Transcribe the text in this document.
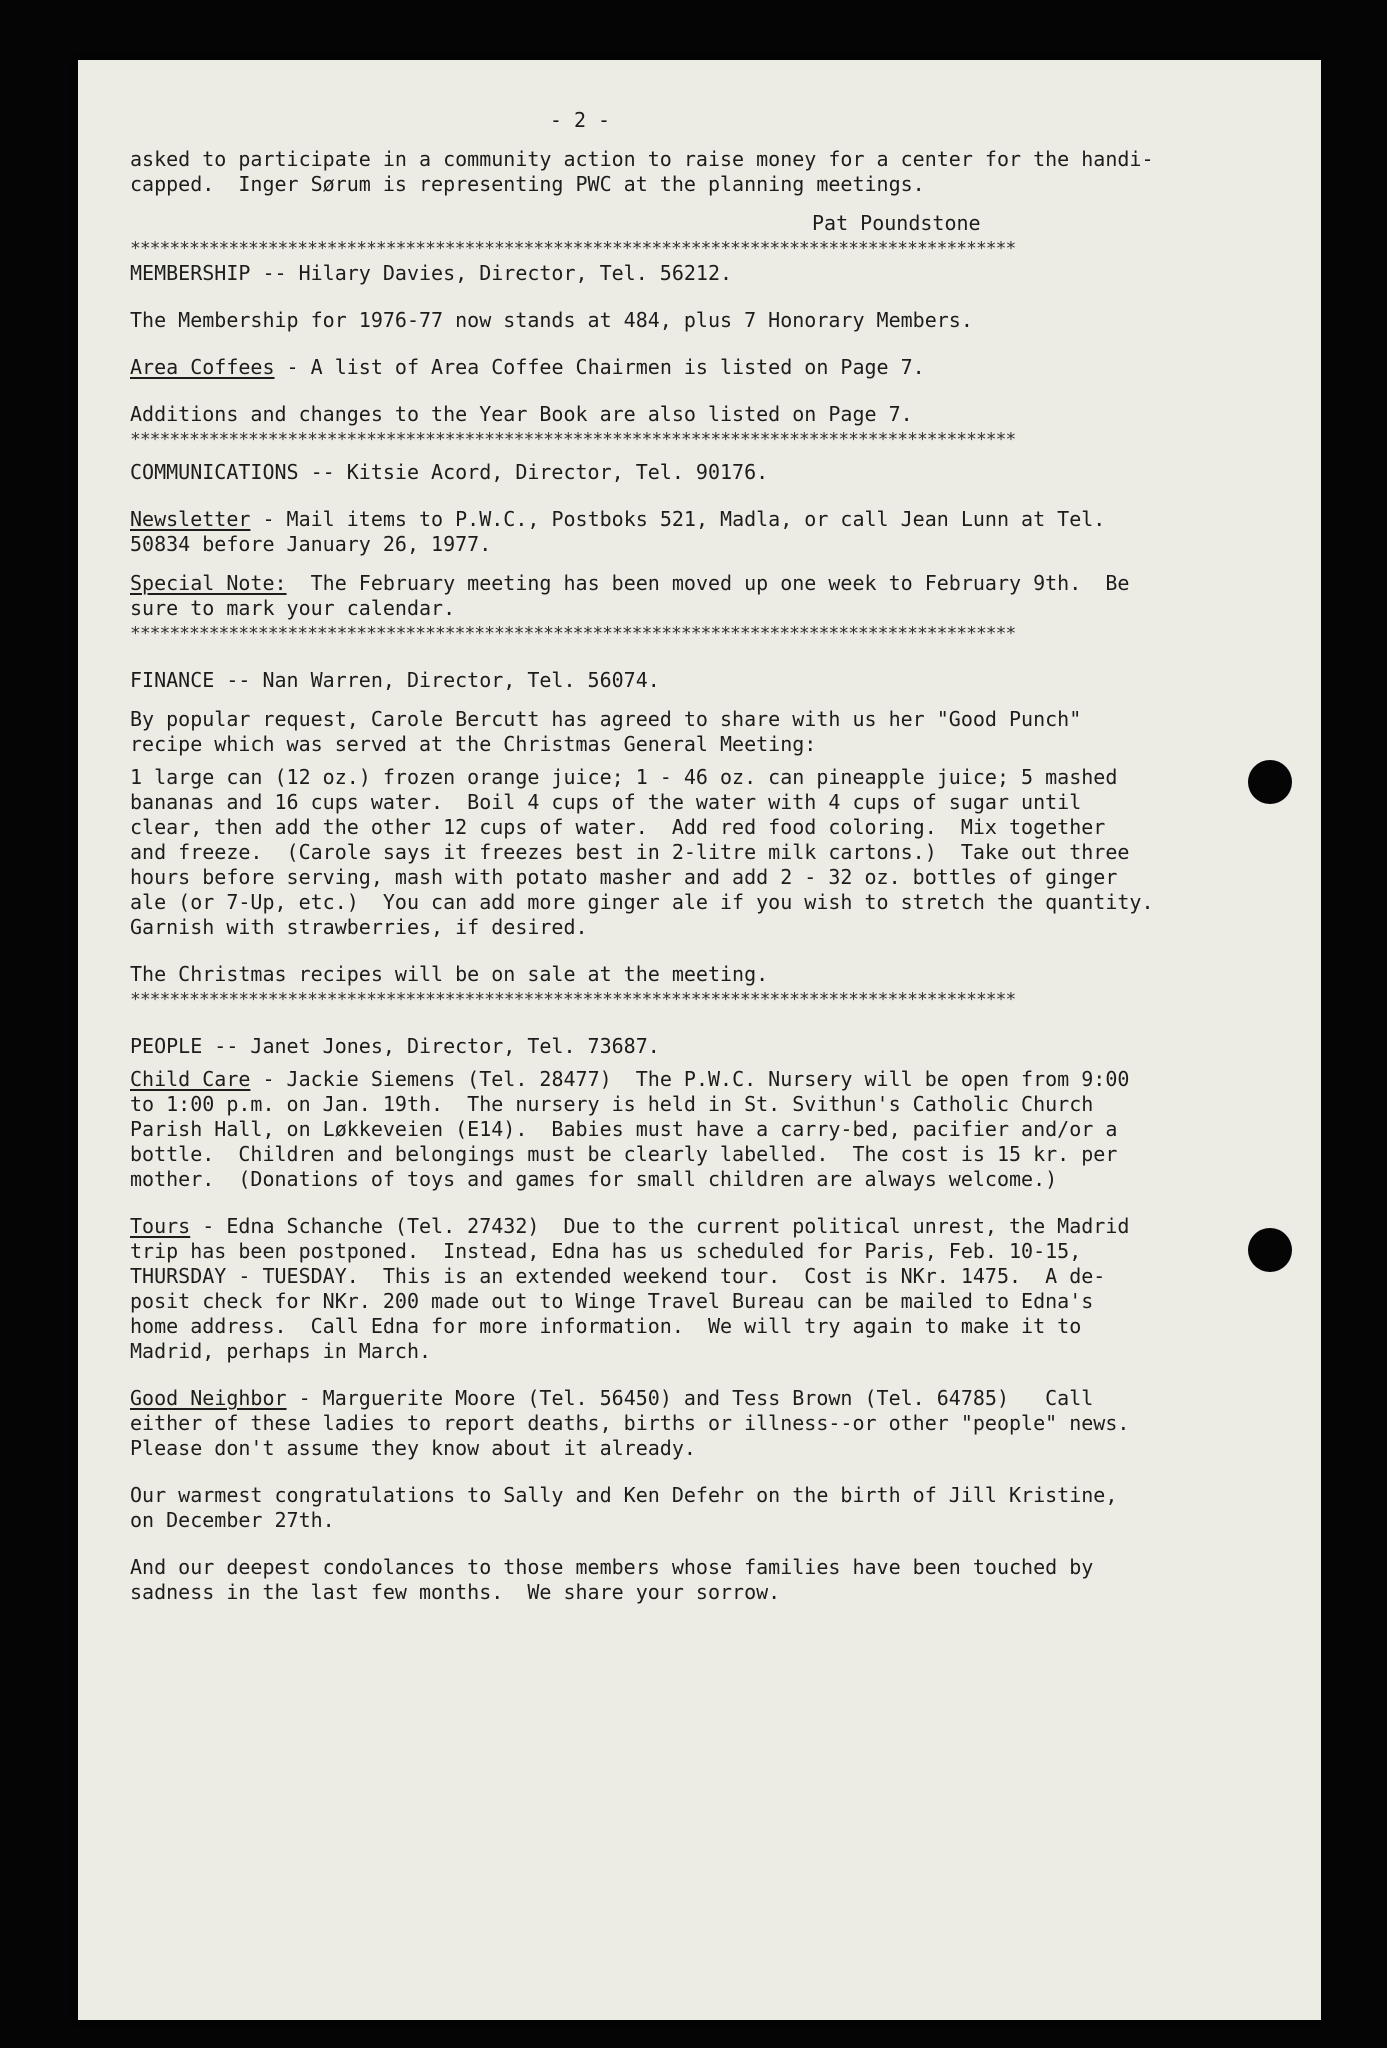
- 2 -
asked to participate in a community action to raise money for a center for the handi-
capped.  Inger Sørum is representing PWC at the planning meetings.
Pat Poundstone
******************************************************************************************
MEMBERSHIP -- Hilary Davies, Director, Tel. 56212.
The Membership for 1976-77 now stands at 484, plus 7 Honorary Members.
Area Coffees - A list of Area Coffee Chairmen is listed on Page 7.
Additions and changes to the Year Book are also listed on Page 7.
******************************************************************************************
COMMUNICATIONS -- Kitsie Acord, Director, Tel. 90176.
Newsletter - Mail items to P.W.C., Postboks 521, Madla, or call Jean Lunn at Tel.
50834 before January 26, 1977.
Special Note:  The February meeting has been moved up one week to February 9th.  Be
sure to mark your calendar.
******************************************************************************************
FINANCE -- Nan Warren, Director, Tel. 56074.
By popular request, Carole Bercutt has agreed to share with us her "Good Punch"
recipe which was served at the Christmas General Meeting:
1 large can (12 oz.) frozen orange juice; 1 - 46 oz. can pineapple juice; 5 mashed
bananas and 16 cups water.  Boil 4 cups of the water with 4 cups of sugar until
clear, then add the other 12 cups of water.  Add red food coloring.  Mix together
and freeze.  (Carole says it freezes best in 2-litre milk cartons.)  Take out three
hours before serving, mash with potato masher and add 2 - 32 oz. bottles of ginger
ale (or 7-Up, etc.)  You can add more ginger ale if you wish to stretch the quantity.
Garnish with strawberries, if desired.
The Christmas recipes will be on sale at the meeting.
******************************************************************************************
PEOPLE -- Janet Jones, Director, Tel. 73687.
Child Care - Jackie Siemens (Tel. 28477)  The P.W.C. Nursery will be open from 9:00
to 1:00 p.m. on Jan. 19th.  The nursery is held in St. Svithun's Catholic Church
Parish Hall, on Løkkeveien (E14).  Babies must have a carry-bed, pacifier and/or a
bottle.  Children and belongings must be clearly labelled.  The cost is 15 kr. per
mother.  (Donations of toys and games for small children are always welcome.)
Tours - Edna Schanche (Tel. 27432)  Due to the current political unrest, the Madrid
trip has been postponed.  Instead, Edna has us scheduled for Paris, Feb. 10-15,
THURSDAY - TUESDAY.  This is an extended weekend tour.  Cost is NKr. 1475.  A de-
posit check for NKr. 200 made out to Winge Travel Bureau can be mailed to Edna's
home address.  Call Edna for more information.  We will try again to make it to
Madrid, perhaps in March.
Good Neighbor - Marguerite Moore (Tel. 56450) and Tess Brown (Tel. 64785)   Call
either of these ladies to report deaths, births or illness--or other "people" news.
Please don't assume they know about it already.
Our warmest congratulations to Sally and Ken Defehr on the birth of Jill Kristine,
on December 27th.
And our deepest condolances to those members whose families have been touched by
sadness in the last few months.  We share your sorrow.
